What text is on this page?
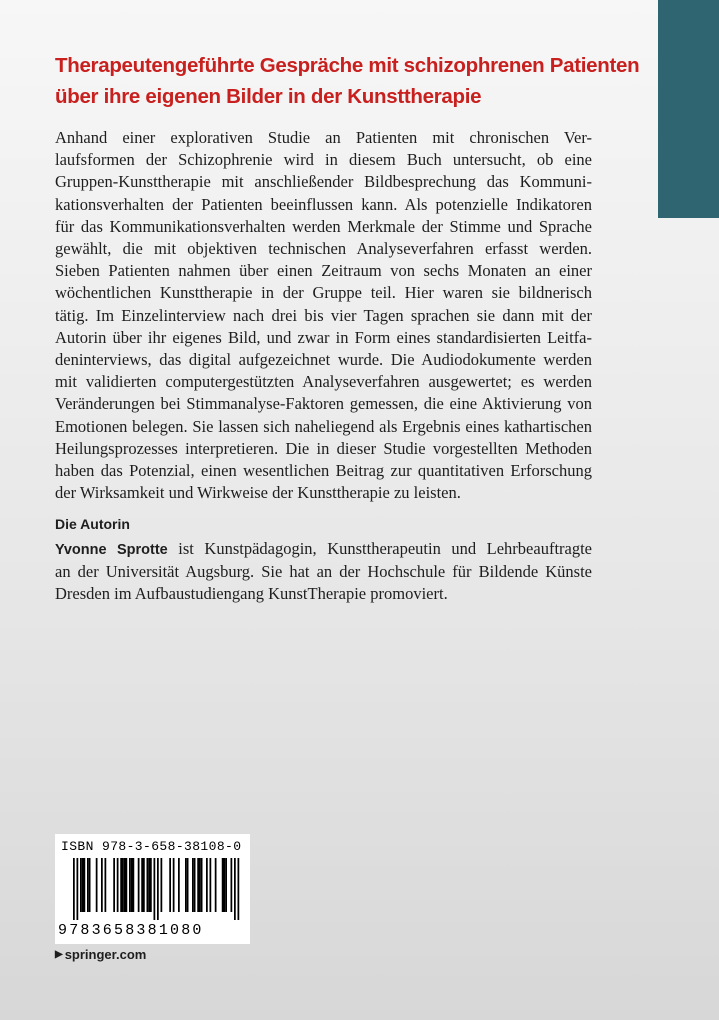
Therapeutengeführte Gespräche mit schizophrenen Patienten
über ihre eigenen Bilder in der Kunsttherapie
Anhand einer explorativen Studie an Patienten mit chronischen Ver-
laufsformen der Schizophrenie wird in diesem Buch untersucht, ob eine
Gruppen-Kunsttherapie mit anschließender Bildbesprechung das Kommuni-
kationsverhalten der Patienten beeinflussen kann. Als potenzielle Indikatoren
für das Kommunikationsverhalten werden Merkmale der Stimme und Sprache
gewählt, die mit objektiven technischen Analyseverfahren erfasst werden.
Sieben Patienten nahmen über einen Zeitraum von sechs Monaten an einer
wöchentlichen Kunsttherapie in der Gruppe teil. Hier waren sie bildnerisch
tätig. Im Einzelinterview nach drei bis vier Tagen sprachen sie dann mit der
Autorin über ihr eigenes Bild, und zwar in Form eines standardisierten Leitfa-
deninterviews, das digital aufgezeichnet wurde. Die Audiodokumente werden
mit validierten computergestützten Analyseverfahren ausgewertet; es werden
Veränderungen bei Stimmanalyse-Faktoren gemessen, die eine Aktivierung von
Emotionen belegen. Sie lassen sich naheliegend als Ergebnis eines kathartischen
Heilungsprozesses interpretieren. Die in dieser Studie vorgestellten Methoden
haben das Potenzial, einen wesentlichen Beitrag zur quantitativen Erforschung
der Wirksamkeit und Wirkweise der Kunsttherapie zu leisten.
Die Autorin
Yvonne Sprotte ist Kunstpädagogin, Kunsttherapeutin und Lehrbeauftragte
an der Universität Augsburg. Sie hat an der Hochschule für Bildende Künste
Dresden im Aufbaustudiengang KunstTherapie promoviert.
ISBN 978-3-658-38108-0
9783658381080
▶ springer.com
